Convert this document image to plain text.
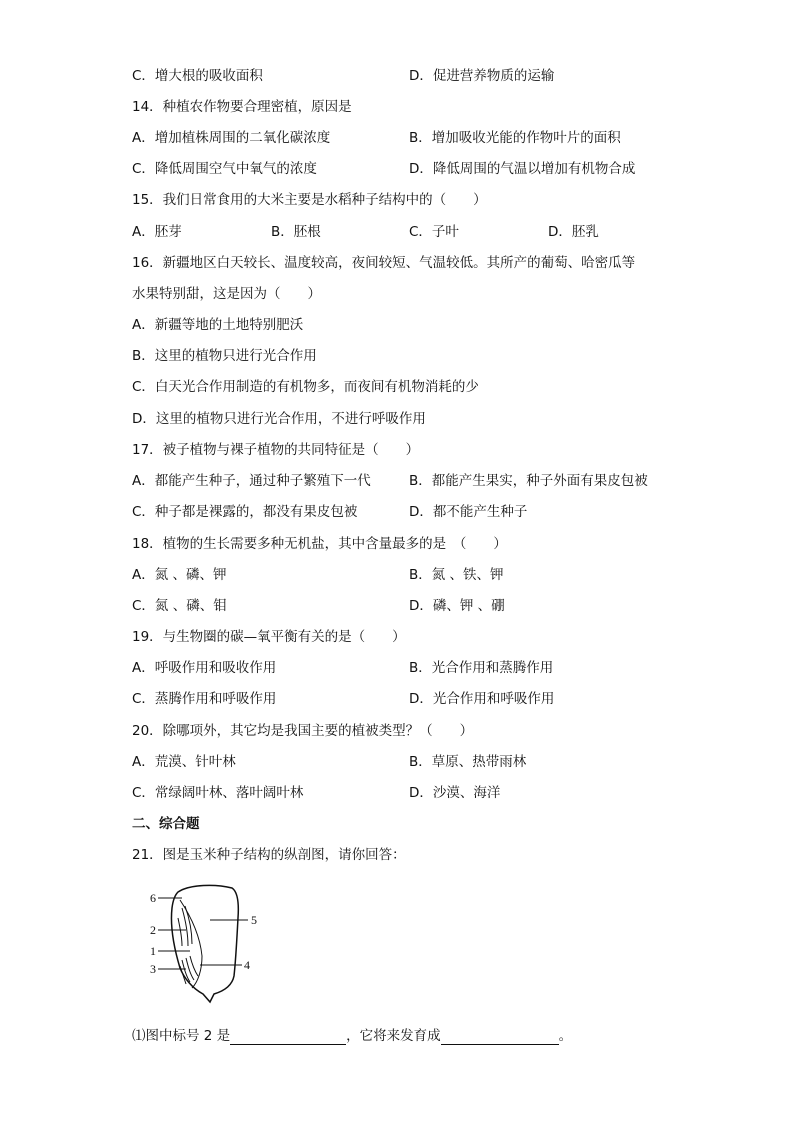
C．增大根的吸收面积	D．促进营养物质的运输
14．种植农作物要合理密植，原因是
A．增加植株周围的二氧化碳浓度	B．增加吸收光能的作物叶片的面积
C．降低周围空气中氧气的浓度	D．降低周围的气温以增加有机物合成
15．我们日常食用的大米主要是水稻种子结构中的（　　）
A．胚芽	B．胚根	C．子叶	D．胚乳
16．新疆地区白天较长、温度较高，夜间较短、气温较低。其所产的葡萄、哈密瓜等
水果特别甜，这是因为（　　）
A．新疆等地的土地特别肥沃
B．这里的植物只进行光合作用
C．白天光合作用制造的有机物多，而夜间有机物消耗的少
D．这里的植物只进行光合作用，不进行呼吸作用
17．被子植物与裸子植物的共同特征是（　　）
A．都能产生种子，通过种子繁殖下一代	B．都能产生果实，种子外面有果皮包被
C．种子都是裸露的，都没有果皮包被	D．都不能产生种子
18．植物的生长需要多种无机盐，其中含量最多的是　（　　）
A．氮 、磷、钾	B．氮 、铁、钾
C．氮 、磷、钼	D．磷、钾 、硼
19．与生物圈的碳—氧平衡有关的是（　　）
A．呼吸作用和吸收作用	B．光合作用和蒸腾作用
C．蒸腾作用和呼吸作用	D．光合作用和呼吸作用
20．除哪项外，其它均是我国主要的植被类型？（　　）
A．荒漠、针叶林	B．草原、热带雨林
C．常绿阔叶林、落叶阔叶林	D．沙漠、海洋
二、综合题
21．图是玉米种子结构的纵剖图，请你回答：
6
2
1
3
5
4
⑴图中标号 2 是	，它将来发育成	。
